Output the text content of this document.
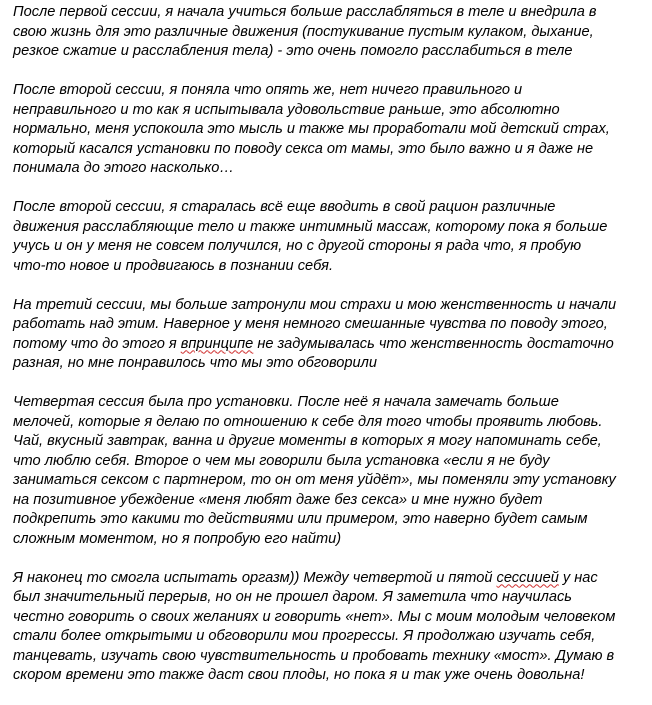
После первой сессии, я начала учиться больше расслабляться в теле и внедрила в
свою жизнь для это различные движения (постукивание пустым кулаком, дыхание,
резкое сжатие и расслабления тела) - это очень помогло расслабиться в теле

После второй сессии, я поняла что опять же, нет ничего правильного и
неправильного и то как я испытывала удовольствие раньше, это абсолютно
нормально, меня успокоила это мысль и также мы проработали мой детский страх,
который касался установки по поводу секса от мамы, это было важно и я даже не
понимала до этого насколько…

После второй сессии, я старалась всё еще вводить в свой рацион различные
движения расслабляющие тело и также интимный массаж, которому пока я больше
учусь и он у меня не совсем получился, но с другой стороны я рада что, я пробую
что-то новое и продвигаюсь в познании себя.

На третий сессии, мы больше затронули мои страхи и мою женственность и начали
работать над этим. Наверное у меня немного смешанные чувства по поводу этого,
потому что до этого я впринципе не задумывалась что женственность достаточно
разная, но мне понравилось что мы это обговорили

Четвертая сессия была про установки. После неё я начала замечать больше
мелочей, которые я делаю по отношению к себе для того чтобы проявить любовь.
Чай, вкусный завтрак, ванна и другие моменты в которых я могу напоминать себе,
что люблю себя. Второе о чем мы говорили была установка «если я не буду
заниматься сексом с партнером, то он от меня уйдёт», мы поменяли эту установку
на позитивное убеждение «меня любят даже без секса» и мне нужно будет
подкрепить это какими то действиями или примером, это наверно будет самым
сложным моментом, но я попробую его найти)

Я наконец то смогла испытать оргазм)) Между четвертой и пятой сессиией у нас
был значительный перерыв, но он не прошел даром. Я заметила что научилась
честно говорить о своих желаниях и говорить «нет». Мы с моим молодым человеком
стали более открытыми и обговорили мои прогрессы. Я продолжаю изучать себя,
танцевать, изучать свою чувствительность и пробовать технику «мост». Думаю в
скором времени это также даст свои плоды, но пока я и так уже очень довольна!
